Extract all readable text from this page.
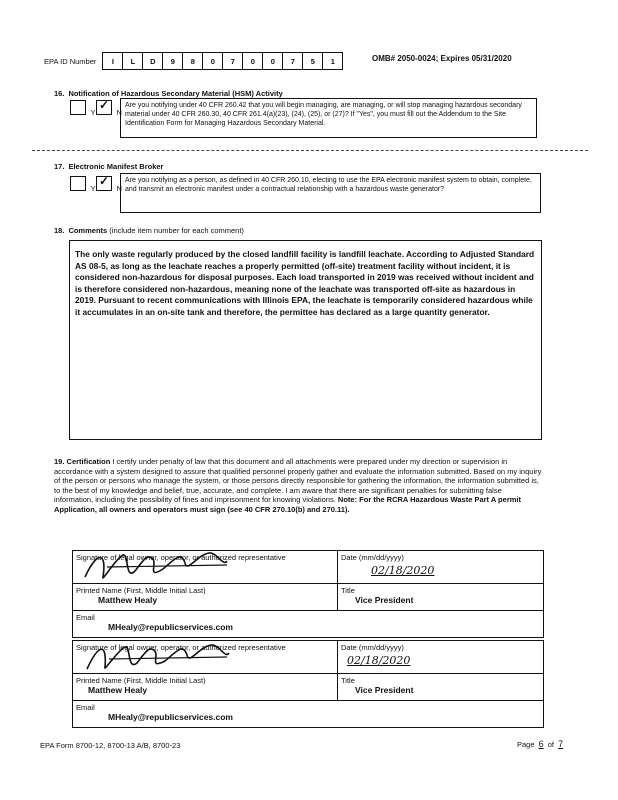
EPA ID Number	I	L	D	9	8	0	7	0	0	7	5	1	OMB# 2050-0024; Expires 05/31/2020
16. Notification of Hazardous Secondary Material (HSM) Activity
Y
✓
N
Are you notifying under 40 CFR 260.42 that you will begin managing, are managing, or will stop managing hazardous secondary material under 40 CFR 260.30, 40 CFR 261.4(a)(23), (24), (25), or (27)? If "Yes", you must fill out the Addendum to the Site Identification Form for Managing Hazardous Secondary Material.
17. Electronic Manifest Broker
Y
✓
N
Are you notifying as a person, as defined in 40 CFR 260.10, electing to use the EPA electronic manifest system to obtain, complete, and transmit an electronic manifest under a contractual relationship with a hazardous waste generator?
18. Comments (include item number for each comment)
The only waste regularly produced by the closed landfill facility is landfill leachate. According to Adjusted Standard AS 08-5, as long as the leachate reaches a properly permitted (off-site) treatment facility without incident, it is considered non-hazardous for disposal purposes. Each load transported in 2019 was received without incident and is therefore considered non-hazardous, meaning none of the leachate was transported off-site as hazardous in 2019. Pursuant to recent communications with Illinois EPA, the leachate is temporarily considered hazardous while it accumulates in an on-site tank and therefore, the permittee has declared as a large quantity generator.
19. Certification I certify under penalty of law that this document and all attachments were prepared under my direction or supervision in accordance with a system designed to assure that qualified personnel properly gather and evaluate the information submitted. Based on my inquiry of the person or persons who manage the system, or those persons directly responsible for gathering the information, the information submitted is, to the best of my knowledge and belief, true, accurate, and complete. I am aware that there are significant penalties for submitting false information, including the possibility of fines and imprisonment for knowing violations. Note: For the RCRA Hazardous Waste Part A permit Application, all owners and operators must sign (see 40 CFR 270.10(b) and 270.11).
Signature of legal owner, operator, or authorized representative	Date (mm/dd/yyyy)
02/18/2020
Printed Name (First, Middle Initial Last)
Matthew Healy
Title
Vice President
Email
MHealy@republicservices.com
Signature of legal owner, operator, or authorized representative	Date (mm/dd/yyyy)
02/18/2020
Printed Name (First, Middle Initial Last)
Matthew Healy
Title
Vice President
Email
MHealy@republicservices.com
EPA Form 8700-12, 8700-13 A/B, 8700-23	Page 6 of 7
